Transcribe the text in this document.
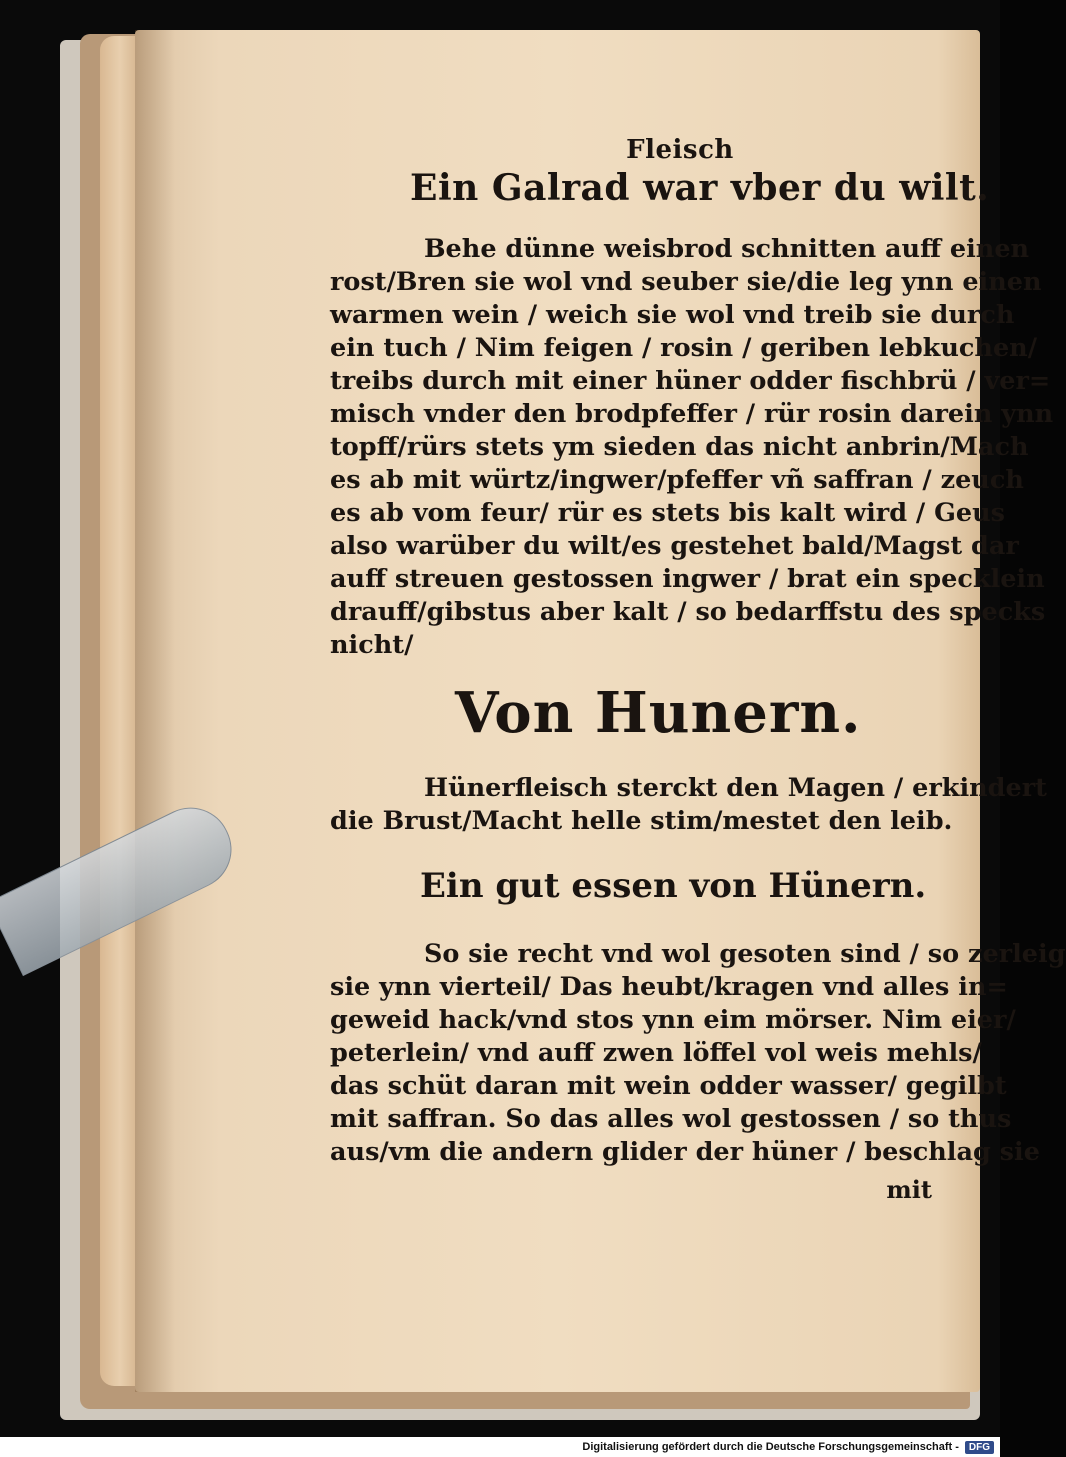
Fleisch
Ein Galrad war vber du wilt.
Behe dünne weisbrod schnitten auff einen
rost/Bren sie wol vnd seuber sie/die leg ynn einen
warmen wein / weich sie wol vnd treib sie durch
ein tuch / Nim feigen / rosin / geriben lebkuchen/
treibs durch mit einer hüner odder fischbrü / ver=
misch vnder den brodpfeffer / rür rosin darein ynn
topff/rürs stets ym sieden das nicht anbrin/Mach
es ab mit würtz/ingwer/pfeffer vñ saffran / zeuch
es ab vom feur/ rür es stets bis kalt wird / Geus
also warüber du wilt/es gestehet bald/Magst dar
auff streuen gestossen ingwer / brat ein specklein
drauff/gibstus aber kalt / so bedarffstu des specks
nicht/
Von Hunern.
Hünerfleisch sterckt den Magen / erkindert
die Brust/Macht helle stim/mestet den leib.
Ein gut essen von Hünern.
So sie recht vnd wol gesoten sind / so zerleig
sie ynn vierteil/ Das heubt/kragen vnd alles in=
geweid hack/vnd stos ynn eim mörser. Nim eier/
peterlein/ vnd auff zwen löffel vol weis mehls/
das schüt daran mit wein odder wasser/ gegilbt
mit saffran. So das alles wol gestossen / so thus
aus/vm die andern glider der hüner / beschlag sie
mit
Digitalisierung gefördert durch die Deutsche Forschungsgemeinschaft -	DFG
